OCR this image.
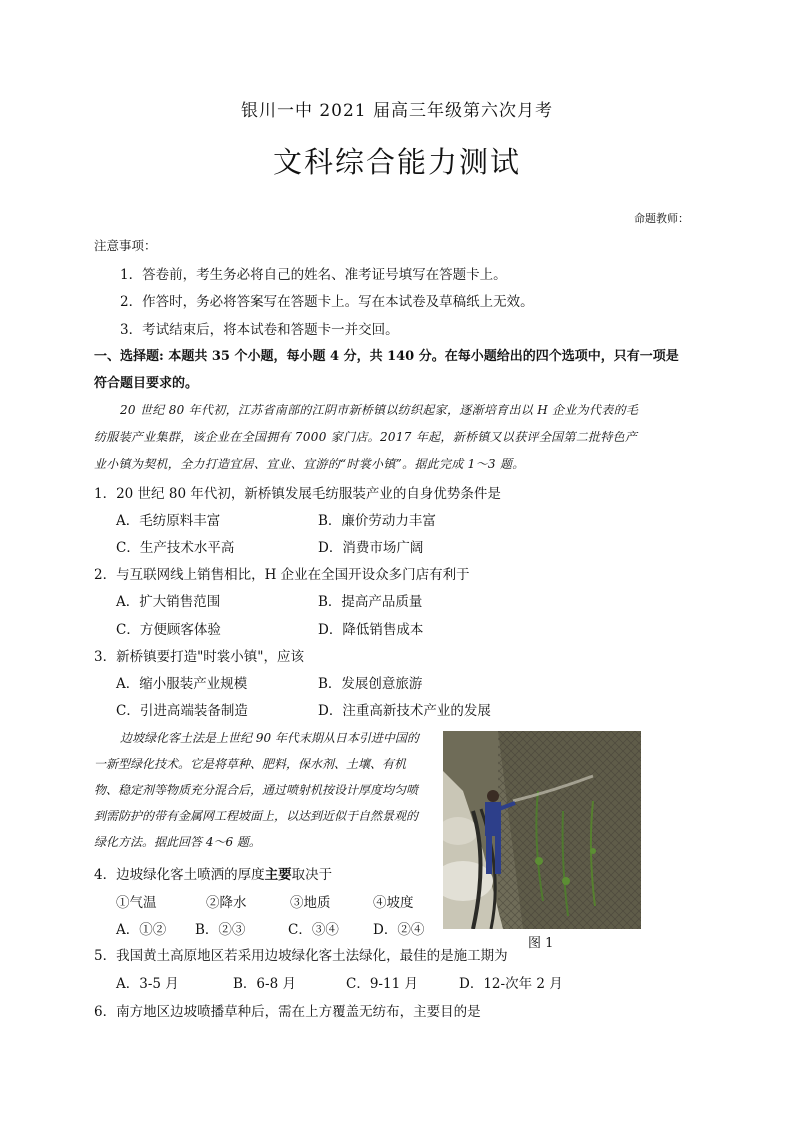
银川一中 2021 届高三年级第六次月考
文科综合能力测试
命题教师：
注意事项：
1．答卷前，考生务必将自己的姓名、准考证号填写在答题卡上。
2．作答时，务必将答案写在答题卡上。写在本试卷及草稿纸上无效。
3．考试结束后，将本试卷和答题卡一并交回。
一、选择题: 本题共 35 个小题，每小题 4 分，共 140 分。在每小题给出的四个选项中，只有一项是
符合题目要求的。
20 世纪 80 年代初，江苏省南部的江阴市新桥镇以纺织起家，逐渐培育出以 H 企业为代表的毛
纺服装产业集群，该企业在全国拥有 7000 家门店。2017 年起，新桥镇又以获评全国第二批特色产
业小镇为契机，全力打造宜居、宜业、宜游的“时裳小镇”。据此完成 1～3 题。
1．20 世纪 80 年代初，新桥镇发展毛纺服装产业的自身优势条件是
A．毛纺原料丰富	B．廉价劳动力丰富
C．生产技术水平高	D．消费市场广阔
2．与互联网线上销售相比，H 企业在全国开设众多门店有利于
A．扩大销售范围	B．提高产品质量
C．方便顾客体验	D．降低销售成本
3．新桥镇要打造"时裳小镇"，应该
A．缩小服装产业规模	B．发展创意旅游
C．引进高端装备制造	D．注重高新技术产业的发展
边坡绿化客土法是上世纪 90 年代末期从日本引进中国的一新型绿化技术。它是将草种、肥料，保水剂、土壤、有机物、稳定剂等物质充分混合后，通过喷射机按设计厚度均匀喷到需防护的带有金属网工程坡面上，以达到近似于自然景观的绿化方法。据此回答 4～6 题。
图 1
4．边坡绿化客土喷洒的厚度主要取决于
①气温	②降水	③地质	④坡度
A．①② B．②③	C．③④	D．②④
5．我国黄土高原地区若采用边坡绿化客土法绿化，最佳的是施工期为
A．3-5 月	B．6-8 月	C．9-11 月	D．12-次年 2 月
6．南方地区边坡喷播草种后，需在上方覆盖无纺布，主要目的是
